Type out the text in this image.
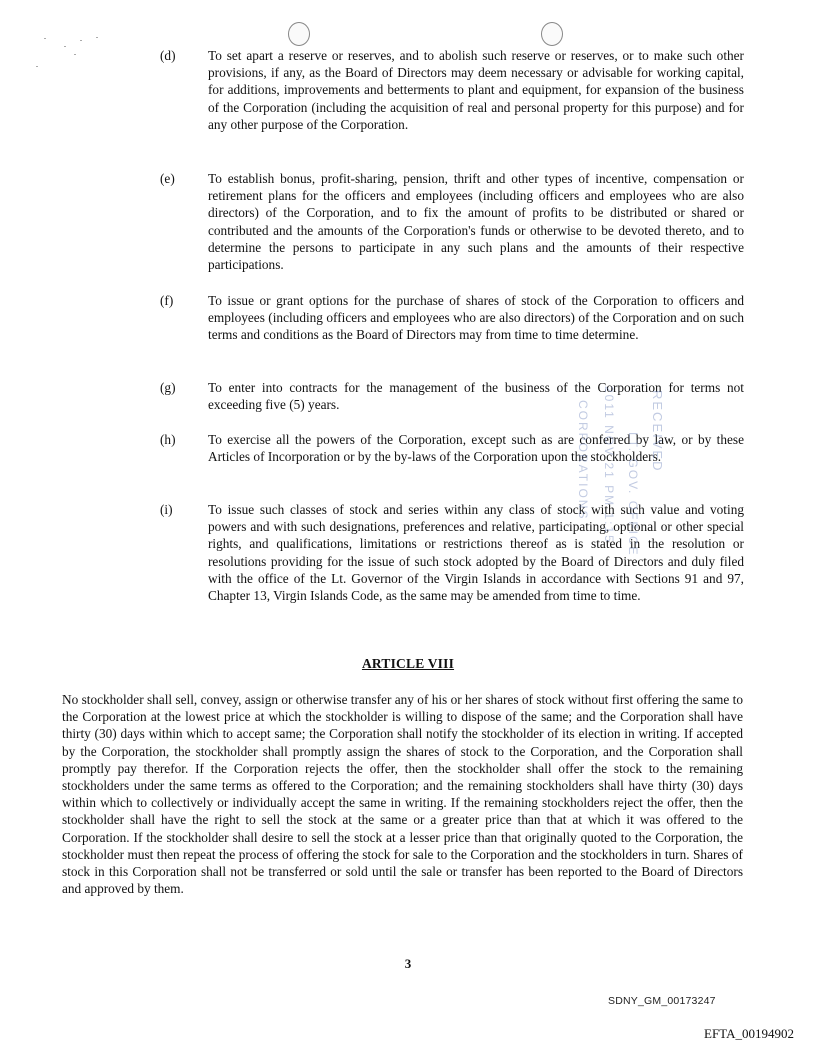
(d)	To set apart a reserve or reserves, and to abolish such reserve or reserves, or to make such other provisions, if any, as the Board of Directors may deem necessary or advisable for working capital, for additions, improvements and betterments to plant and equipment, for expansion of the business of the Corporation (including the acquisition of real and personal property for this purpose) and for any other purpose of the Corporation.
(e)	To establish bonus, profit-sharing, pension, thrift and other types of incentive, compensation or retirement plans for the officers and employees (including officers and employees who are also directors) of the Corporation, and to fix the amount of profits to be distributed or shared or contributed and the amounts of the Corporation's funds or otherwise to be devoted thereto, and to determine the persons to participate in any such plans and the amounts of their respective participations.
(f)	To issue or grant options for the purchase of shares of stock of the Corporation to officers and employees (including officers and employees who are also directors) of the Corporation and on such terms and conditions as the Board of Directors may from time to time determine.
(g)	To enter into contracts for the management of the business of the Corporation for terms not exceeding five (5) years.
(h)	To exercise all the powers of the Corporation, except such as are conferred by law, or by these Articles of Incorporation or by the by-laws of the Corporation upon the stockholders.
(i)	To issue such classes of stock and series within any class of stock with such value and voting powers and with such designations, preferences and relative, participating, optional or other special rights, and qualifications, limitations or restrictions thereof as is stated in the resolution or resolutions providing for the issue of such stock adopted by the Board of Directors and duly filed with the office of the Lt. Governor of the Virgin Islands in accordance with Sections 91 and 97, Chapter 13, Virgin Islands Code, as the same may be amended from time to time.
CORPORATIONS 2011 NOV 21 PM 1:15 LT. GOV. OFFICE
RECEIVED
ARTICLE VIII
No stockholder shall sell, convey, assign or otherwise transfer any of his or her shares of stock without first offering the same to the Corporation at the lowest price at which the stockholder is willing to dispose of the same; and the Corporation shall have thirty (30) days within which to accept same; the Corporation shall notify the stockholder of its election in writing. If accepted by the Corporation, the stockholder shall promptly assign the shares of stock to the Corporation, and the Corporation shall promptly pay therefor. If the Corporation rejects the offer, then the stockholder shall offer the stock to the remaining stockholders under the same terms as offered to the Corporation; and the remaining stockholders shall have thirty (30) days within which to collectively or individually accept the same in writing. If the remaining stockholders reject the offer, then the stockholder shall have the right to sell the stock at the same or a greater price than that at which it was offered to the Corporation. If the stockholder shall desire to sell the stock at a lesser price than that originally quoted to the Corporation, the stockholder must then repeat the process of offering the stock for sale to the Corporation and the stockholders in turn. Shares of stock in this Corporation shall not be transferred or sold until the sale or transfer has been reported to the Board of Directors and approved by them.
3
SDNY_GM_00173247
EFTA_00194902
